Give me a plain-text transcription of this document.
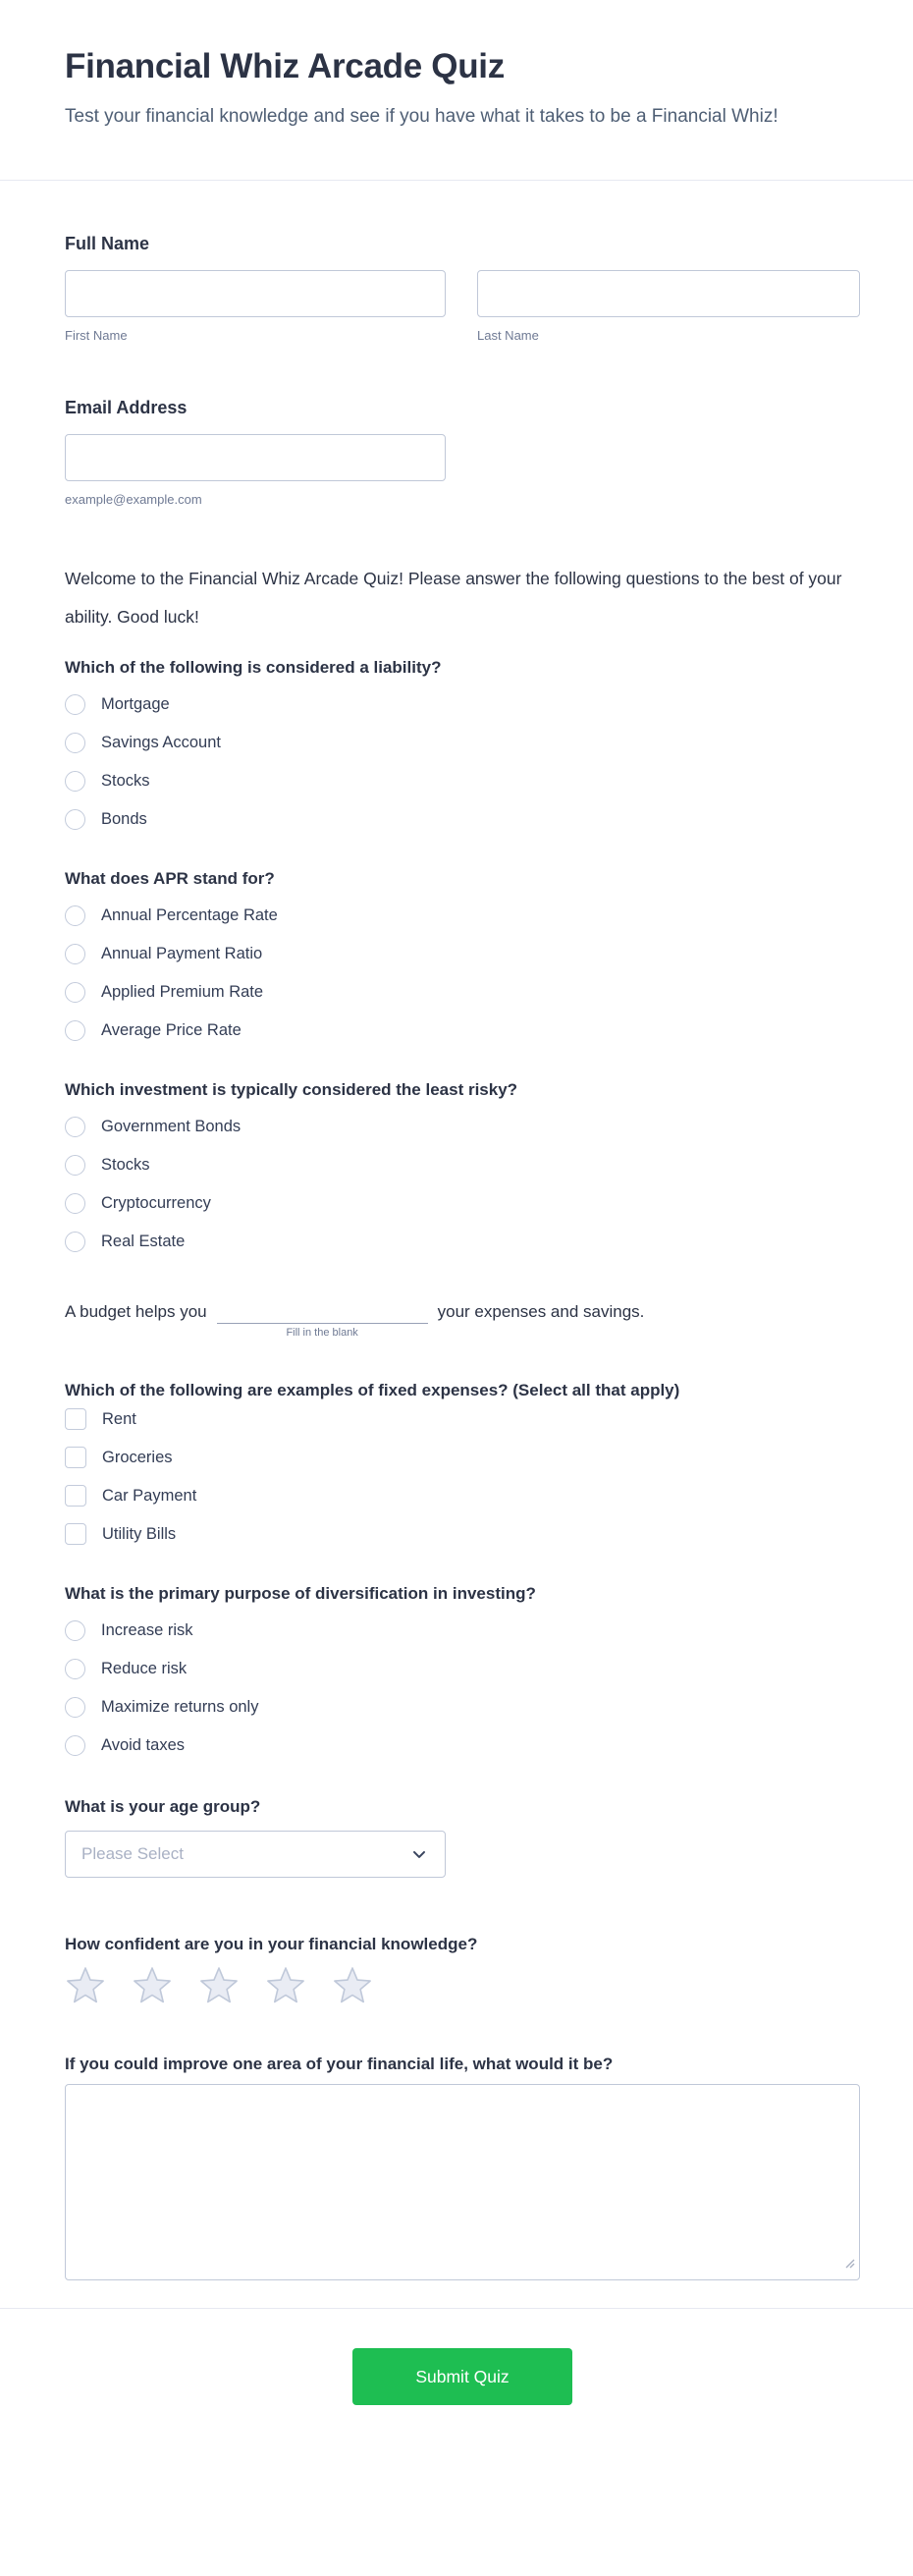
Financial Whiz Arcade Quiz

Test your financial knowledge and see if you have what it takes to be a Financial Whiz!

Full Name
First Name	Last Name
Email Address
example@example.com

Welcome to the Financial Whiz Arcade Quiz! Please answer the following questions to the best of your ability. Good luck!

Which of the following is considered a liability?
Mortgage
Savings Account
Stocks
Bonds
What does APR stand for?
Annual Percentage Rate
Annual Payment Ratio
Applied Premium Rate
Average Price Rate
Which investment is typically considered the least risky?
Government Bonds
Stocks
Cryptocurrency
Real Estate
A budget helps you
Fill in the blank
your expenses and savings.
Which of the following are examples of fixed expenses? (Select all that apply)
Rent
Groceries
Car Payment
Utility Bills
What is the primary purpose of diversification in investing?
Increase risk
Reduce risk
Maximize returns only
Avoid taxes
What is your age group?
Please Select
How confident are you in your financial knowledge?
If you could improve one area of your financial life, what would it be?
Submit Quiz
